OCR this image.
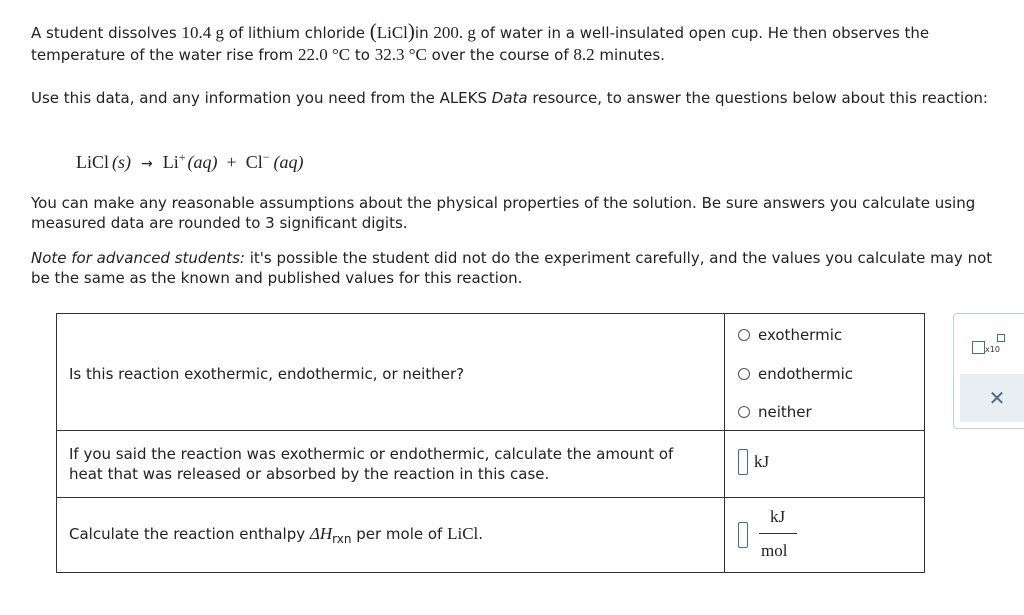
A student dissolves 10.4 g of lithium chloride (LiCl)in 200. g of water in a well-insulated open cup. He then observes the temperature of the water rise from 22.0 °C to 32.3 °C over the course of 8.2 minutes.
Use this data, and any information you need from the ALEKS Data resource, to answer the questions below about this reaction:
LiCl (s) → Li+ (aq) + Cl− (aq)
You can make any reasonable assumptions about the physical properties of the solution. Be sure answers you calculate using measured data are rounded to 3 significant digits.
Note for advanced students: it's possible the student did not do the experiment carefully, and the values you calculate may not be the same as the known and published values for this reaction.
Is this reaction exothermic, endothermic, or neither?
exothermic
endothermic
neither
If you said the reaction was exothermic or endothermic, calculate the amount of heat that was released or absorbed by the reaction in this case.
kJ
Calculate the reaction enthalpy $\Delta H_{rxn}$ per mole of LiCl.
kJ
mol
x10
✕
